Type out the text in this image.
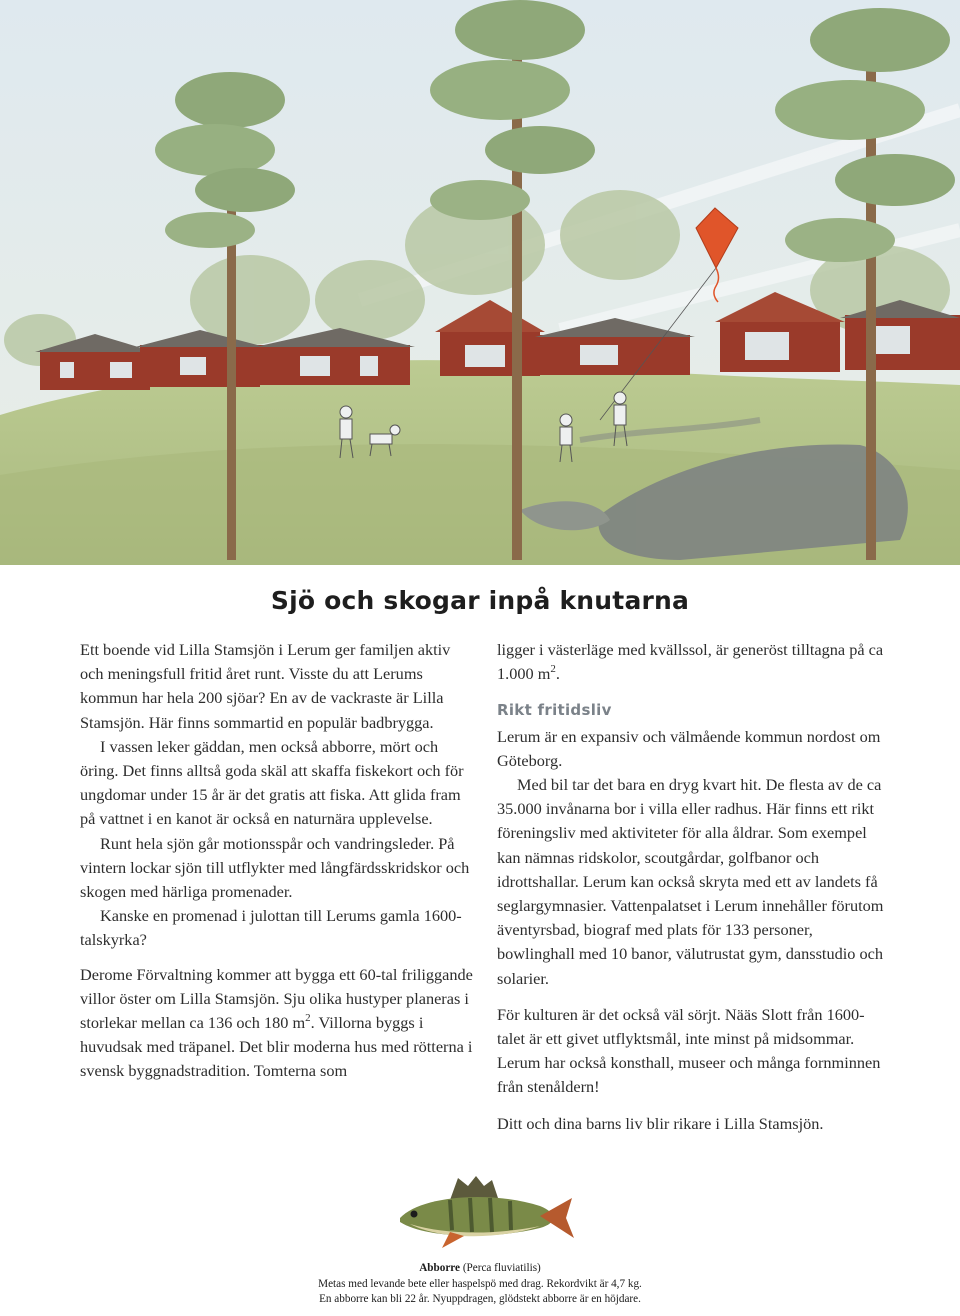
Sjö och skogar inpå knutarna

Ett boende vid Lilla Stamsjön i Lerum ger familjen aktiv och meningsfull fritid året runt. Visste du att Lerums kommun har hela 200 sjöar? En av de vackraste är Lilla Stamsjön. Här finns sommartid en populär badbrygga.

I vassen leker gäddan, men också abborre, mört och öring. Det finns alltså goda skäl att skaffa fiskekort och för ungdomar under 15 år är det gratis att fiska. Att glida fram på vattnet i en kanot är också en naturnära upplevelse.

Runt hela sjön går motionsspår och vandringsleder. På vintern lockar sjön till utflykter med långfärdsskridskor och skogen med härliga promenader.

Kanske en promenad i julottan till Lerums gamla 1600-talskyrka?

Derome Förvaltning kommer att bygga ett 60-tal friliggande villor öster om Lilla Stamsjön. Sju olika hustyper planeras i storlekar mellan ca 136 och 180 $m^2$. Villorna byggs i huvudsak med träpanel. Det blir moderna hus med rötterna i svensk byggnadstradition. Tomterna som

ligger i västerläge med kvällssol, är generöst tilltagna på ca 1.000 $m^2$.

Rikt fritidsliv

Lerum är en expansiv och välmående kommun nordost om Göteborg.

Med bil tar det bara en dryg kvart hit. De flesta av de ca 35.000 invånarna bor i villa eller radhus. Här finns ett rikt föreningsliv med aktiviteter för alla åldrar. Som exempel kan nämnas ridskolor, scoutgårdar, golfbanor och idrottshallar. Lerum kan också skryta med ett av landets få seglargymnasier. Vattenpalatset i Lerum innehåller förutom äventyrsbad, biograf med plats för 133 personer, bowlinghall med 10 banor, välutrustat gym, dansstudio och solarier.

För kulturen är det också väl sörjt. Nääs Slott från 1600-talet är ett givet utflyktsmål, inte minst på midsommar. Lerum har också konsthall, museer och många fornminnen från stenåldern!

Ditt och dina barns liv blir rikare i Lilla Stamsjön.

Abborre (Perca fluviatilis)

Metas med levande bete eller haspelspö med drag. Rekordvikt är 4,7 kg.

En abborre kan bli 22 år. Nyuppdragen, glödstekt abborre är en höjdare.
